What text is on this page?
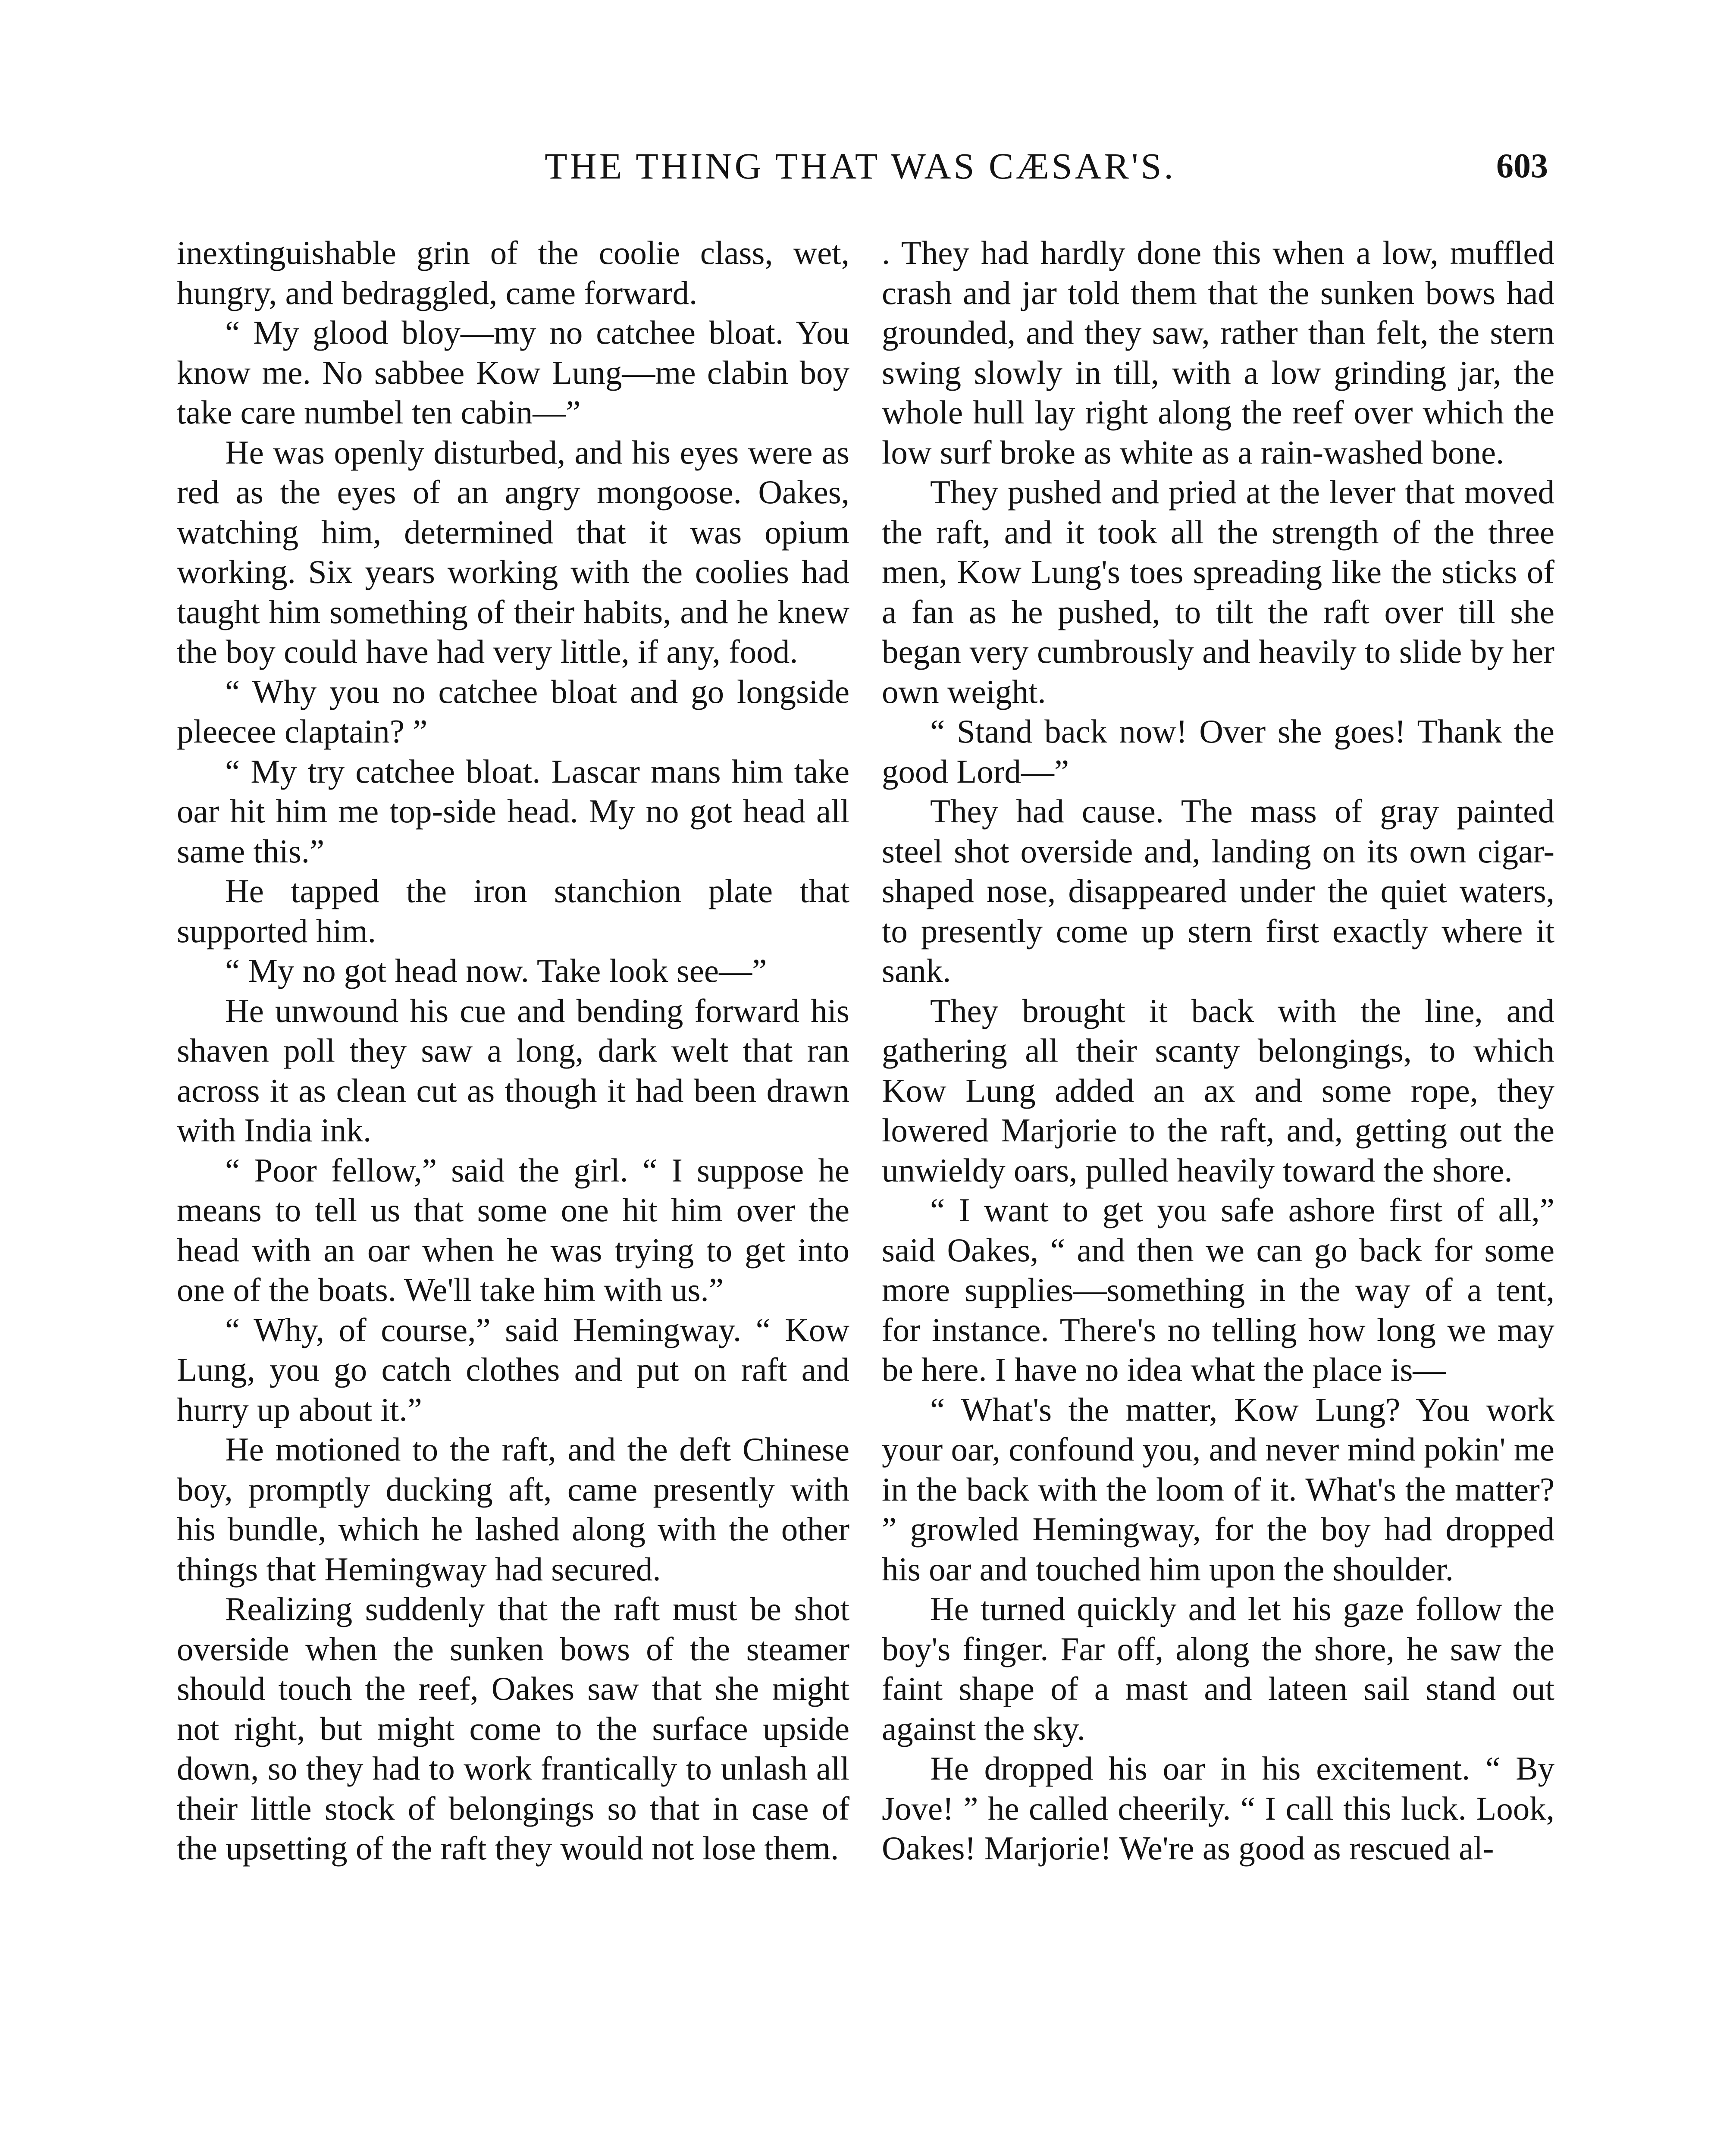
THE THING THAT WAS CÆSAR'S.	603

inextinguishable grin of the coolie class, wet, hungry, and bedraggled, came forward.

“ My glood bloy—my no catchee bloat. You know me. No sabbee Kow Lung—me clabin boy take care numbel ten cabin—”

He was openly disturbed, and his eyes were as red as the eyes of an angry mongoose. Oakes, watching him, determined that it was opium working. Six years working with the coolies had taught him something of their habits, and he knew the boy could have had very little, if any, food.

“ Why you no catchee bloat and go longside pleecee claptain? ”

“ My try catchee bloat. Lascar mans him take oar hit him me top-side head. My no got head all same this.”

He tapped the iron stanchion plate that supported him.

“ My no got head now. Take look see—”

He unwound his cue and bending forward his shaven poll they saw a long, dark welt that ran across it as clean cut as though it had been drawn with India ink.

“ Poor fellow,” said the girl. “ I suppose he means to tell us that some one hit him over the head with an oar when he was trying to get into one of the boats. We'll take him with us.”

“ Why, of course,” said Hemingway. “ Kow Lung, you go catch clothes and put on raft and hurry up about it.”

He motioned to the raft, and the deft Chinese boy, promptly ducking aft, came presently with his bundle, which he lashed along with the other things that Hemingway had secured.

Realizing suddenly that the raft must be shot overside when the sunken bows of the steamer should touch the reef, Oakes saw that she might not right, but might come to the surface upside down, so they had to work frantically to unlash all their little stock of belongings so that in case of the upsetting of the raft they would not lose them.

. They had hardly done this when a low, muffled crash and jar told them that the sunken bows had grounded, and they saw, rather than felt, the stern swing slowly in till, with a low grinding jar, the whole hull lay right along the reef over which the low surf broke as white as a rain-washed bone.

They pushed and pried at the lever that moved the raft, and it took all the strength of the three men, Kow Lung's toes spreading like the sticks of a fan as he pushed, to tilt the raft over till she began very cumbrously and heavily to slide by her own weight.

“ Stand back now! Over she goes! Thank the good Lord—”

They had cause. The mass of gray painted steel shot overside and, landing on its own cigar-shaped nose, disappeared under the quiet waters, to presently come up stern first exactly where it sank.

They brought it back with the line, and gathering all their scanty belongings, to which Kow Lung added an ax and some rope, they lowered Marjorie to the raft, and, getting out the unwieldy oars, pulled heavily toward the shore.

“ I want to get you safe ashore first of all,” said Oakes, “ and then we can go back for some more supplies—something in the way of a tent, for instance. There's no telling how long we may be here. I have no idea what the place is—

“ What's the matter, Kow Lung? You work your oar, confound you, and never mind pokin' me in the back with the loom of it. What's the matter? ” growled Hemingway, for the boy had dropped his oar and touched him upon the shoulder.

He turned quickly and let his gaze follow the boy's finger. Far off, along the shore, he saw the faint shape of a mast and lateen sail stand out against the sky.

He dropped his oar in his excitement. “ By Jove! ” he called cheerily. “ I call this luck. Look, Oakes! Marjorie! We're as good as rescued al-
